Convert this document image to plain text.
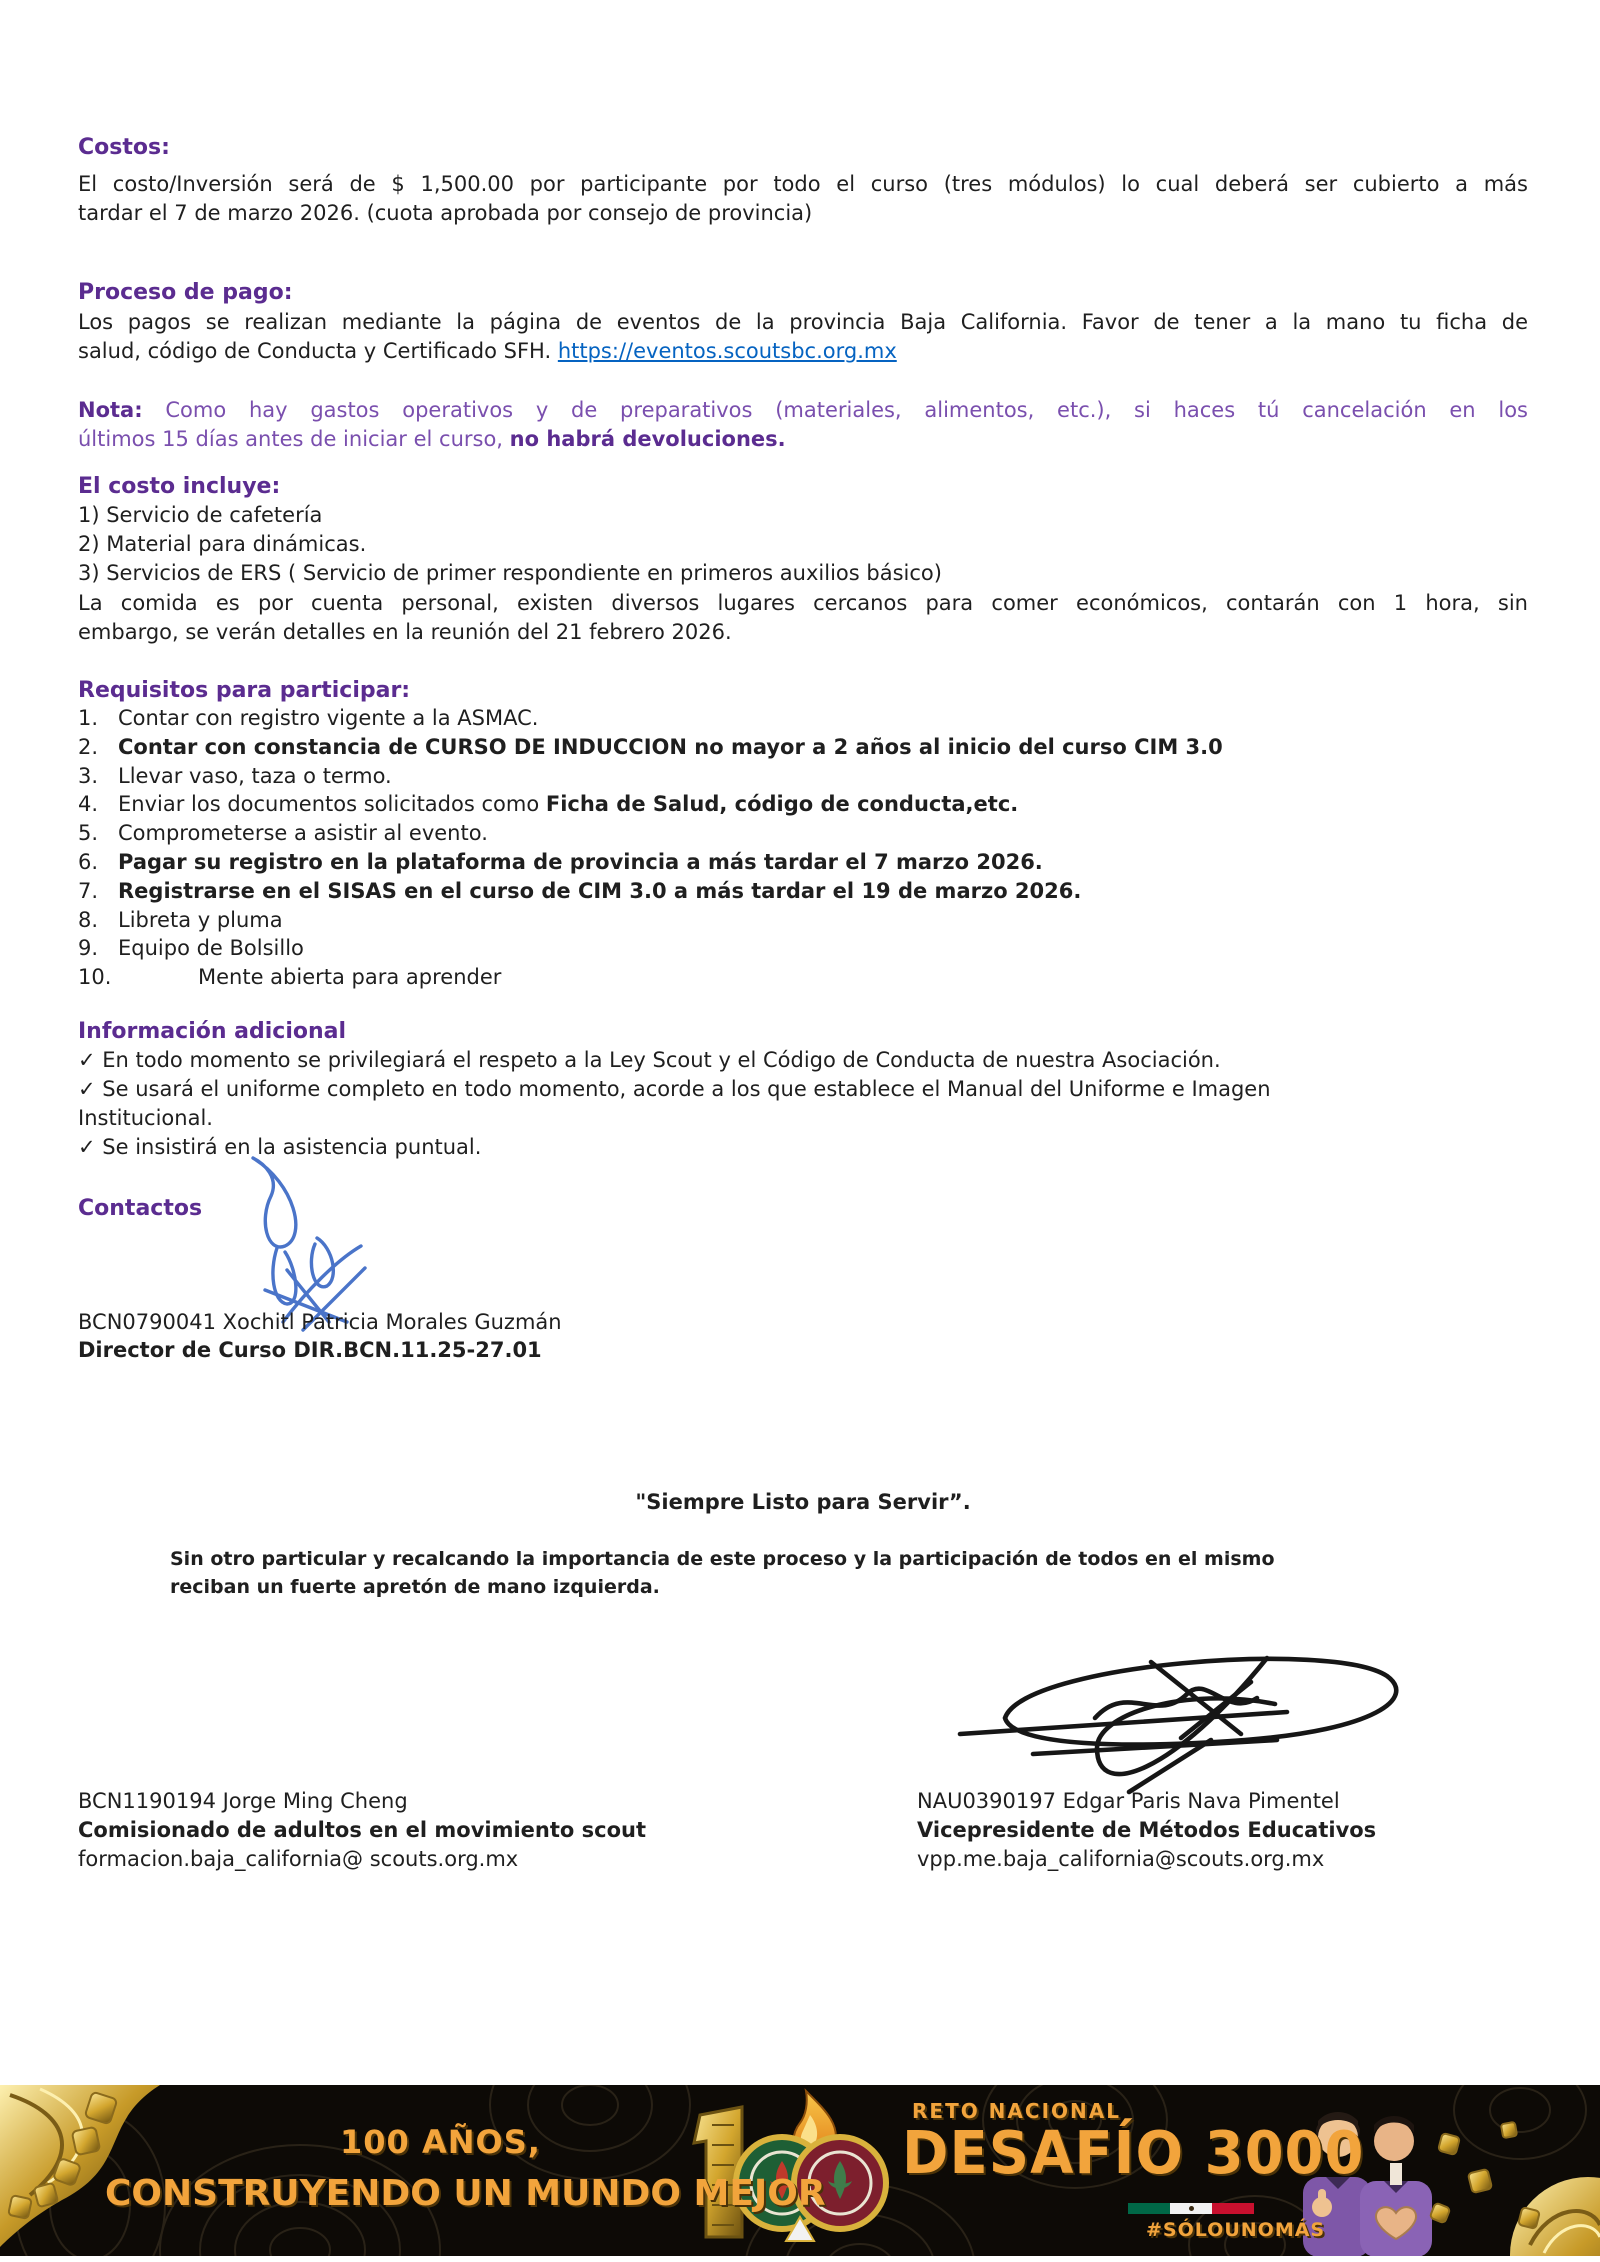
Costos:
El costo/Inversión será de $ 1,500.00 por participante por todo el curso (tres módulos) lo cual deberá ser cubierto a más
tardar el 7 de marzo 2026. (cuota aprobada por consejo de provincia)
Proceso de pago:
Los pagos se realizan mediante la página de eventos de la provincia Baja California. Favor de tener a la mano tu ficha de
salud, código de Conducta y Certificado SFH. https://eventos.scoutsbc.org.mx
Nota: Como hay gastos operativos y de preparativos (materiales, alimentos, etc.), si haces tú cancelación en los
últimos 15 días antes de iniciar el curso, no habrá devoluciones.
El costo incluye:
1) Servicio de cafetería
2) Material para dinámicas.
3) Servicios de ERS ( Servicio de primer respondiente en primeros auxilios básico)
La comida es por cuenta personal, existen diversos lugares cercanos para comer económicos, contarán con 1 hora, sin
embargo, se verán detalles en la reunión del 21 febrero 2026.
Requisitos para participar:
1. Contar con registro vigente a la ASMAC.
2. Contar con constancia de CURSO DE INDUCCION no mayor a 2 años al inicio del curso CIM 3.0
3. Llevar vaso, taza o termo.
4. Enviar los documentos solicitados como Ficha de Salud, código de conducta,etc.
5. Comprometerse a asistir al evento.
6. Pagar su registro en la plataforma de provincia a más tardar el 7 marzo 2026.
7. Registrarse en el SISAS en el curso de CIM 3.0 a más tardar el 19 de marzo 2026.
8. Libreta y pluma
9. Equipo de Bolsillo
10.	Mente abierta para aprender
Información adicional
✓ En todo momento se privilegiará el respeto a la Ley Scout y el Código de Conducta de nuestra Asociación.
✓ Se usará el uniforme completo en todo momento, acorde a los que establece el Manual del Uniforme e Imagen
Institucional.
✓ Se insistirá en la asistencia puntual.
Contactos
BCN0790041 Xochitl Patricia Morales Guzmán
Director de Curso DIR.BCN.11.25-27.01
"Siempre Listo para Servir”.
Sin otro particular y recalcando la importancia de este proceso y la participación de todos en el mismo
reciban un fuerte apretón de mano izquierda.
BCN1190194 Jorge Ming Cheng
Comisionado de adultos en el movimiento scout
formacion.baja_california@ scouts.org.mx
NAU0390197 Edgar Paris Nava Pimentel
Vicepresidente de Métodos Educativos
vpp.me.baja_california@scouts.org.mx
100 AÑOS,
CONSTRUYENDO UN MUNDO MEJOR
RETO NACIONAL
DESAFÍO 3000
#SÓLOUNOMÁS
